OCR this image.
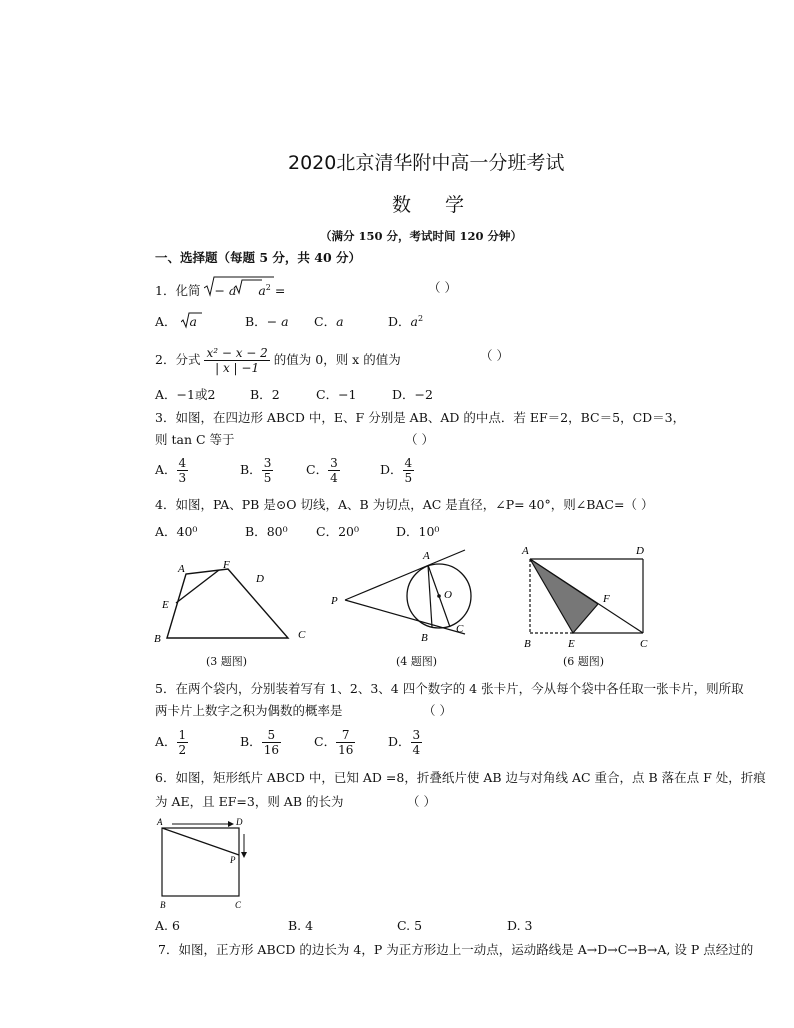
2020北京清华附中高一分班考试
数学
（满分 150 分，考试时间 120 分钟）
一、选择题（每题 5 分，共 40 分）
1．化简 − a $a^2$ =	（ ）
A． a	B．− a C．a	D．$a^2$
2．分式 $\frac{\text{x² − x − 2}}{| x | -1}$ 的值为 0，则 x 的值为	（ ）
A．−1或2	B．2	C．−1	D．−2
3．如图，在四边形 ABCD 中，E、F 分别是 AB、AD 的中点．若 EF＝2，BC＝5，CD＝3，
则 tan C 等于	（ ）
A． $\frac{4}{3}$	B． $\frac{3}{5}$	C． $\frac{3}{4}$	D． $\frac{4}{5}$
4．如图，PA、PB 是⊙O 切线，A、B 为切点，AC 是直径，∠P= 40°，则∠BAC=（ ）
A．40⁰	B．80⁰ C．20⁰	D．10⁰
A	F
D
E
B	C
(3 题图)
A
P	O
B
C
(4 题图)
A	D
F
B	E	C
(6 题图)
5．在两个袋内，分别装着写有 1、2、3、4 四个数字的 4 张卡片，今从每个袋中各任取一张卡片，则所取
两卡片上数字之积为偶数的概率是	（ ）
A． $\frac{1}{2}$	B． $\frac{5}{16}$	C． $\frac{7}{16}$	D． $\frac{3}{4}$
6．如图，矩形纸片 ABCD 中，已知 AD =8，折叠纸片使 AB 边与对角线 AC 重合，点 B 落在点 F 处，折痕
为 AE，且 EF=3，则 AB 的长为	（ ）
A	D
P
B	C
A. 6	B. 4	C. 5	D. 3
7．如图，正方形 ABCD 的边长为 4，P 为正方形边上一动点，运动路线是 A→D→C→B→A, 设 P 点经过的
